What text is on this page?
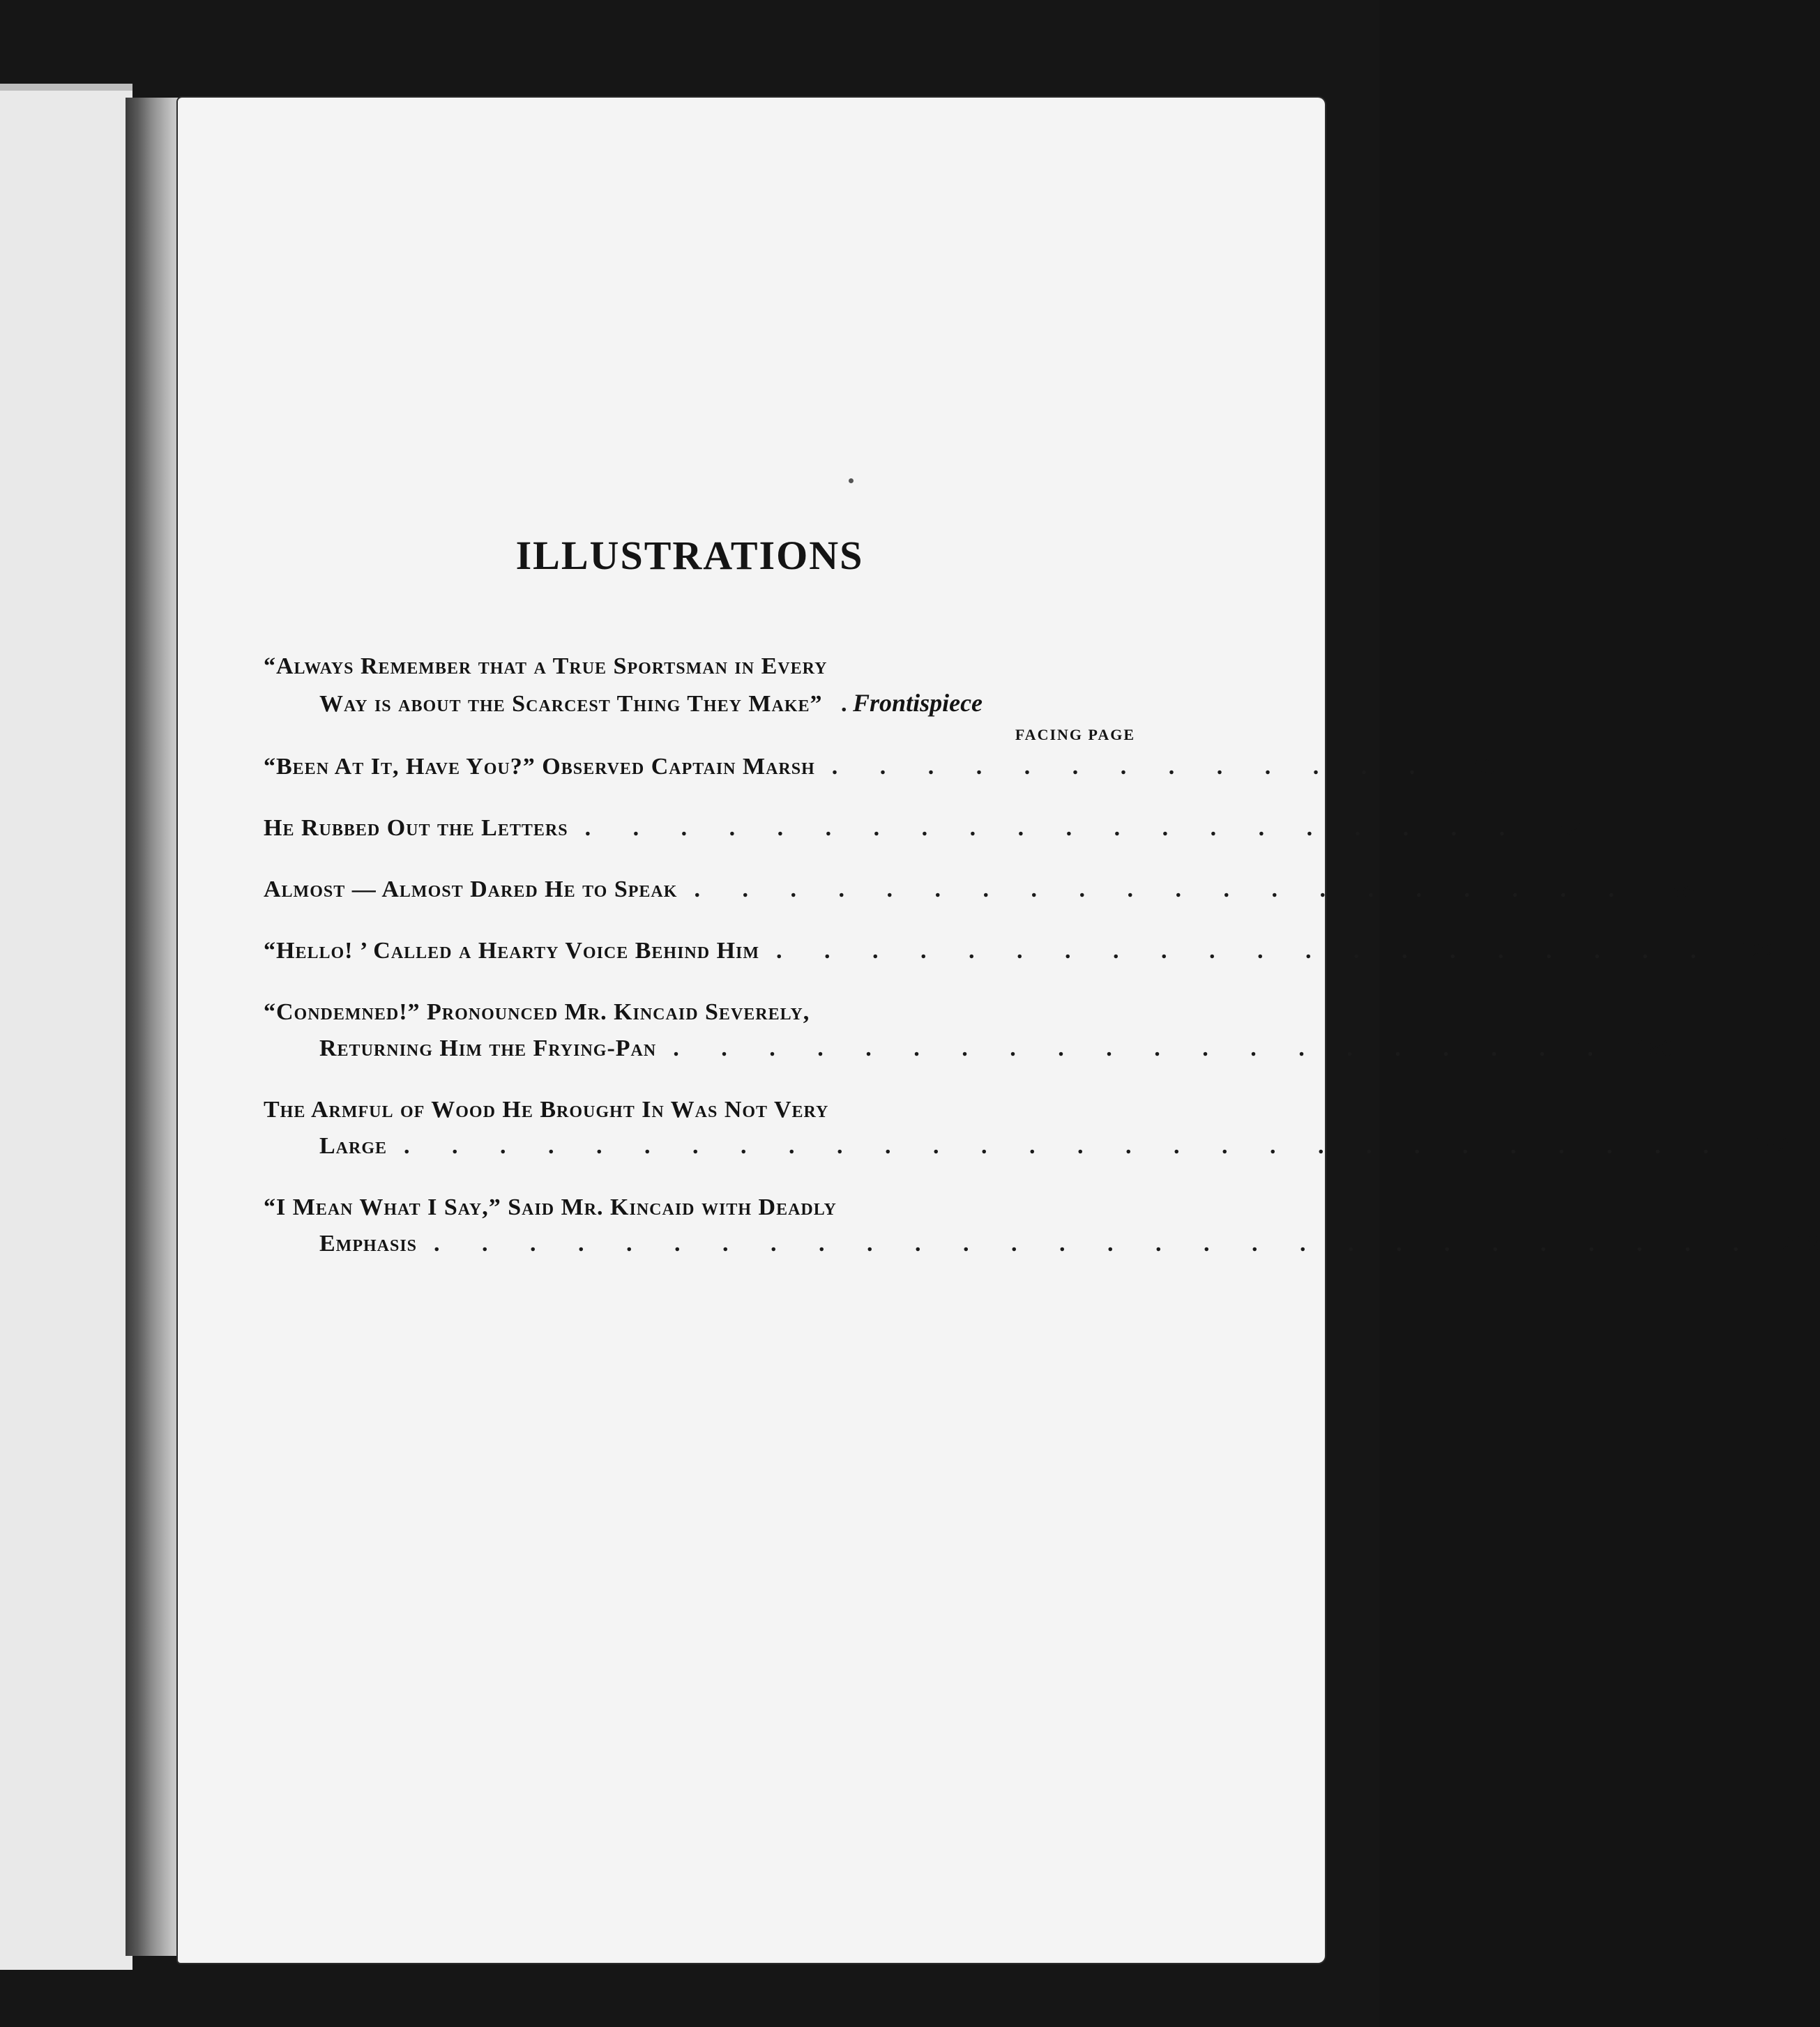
ILLUSTRATIONS
“Always Remember that a True Sportsman in Every
Way is about the Scarcest Thing They Make” . Frontispiece
FACING PAGE
“Been At It, Have You?” Observed Captain Marsh . . . . . . . . . . . . .	60
He Rubbed Out the Letters . . . . . . . . . . . . . . . . . . . .	94
Almost — Almost Dared He to Speak . . . . . . . . . . . . . . . . . . . .	98
“Hello! ’ Called a Hearty Voice Behind Him . . . . . . . . . . . . . . . . . . . .	122
“Condemned!” Pronounced Mr. Kincaid Severely,
Returning Him the Frying-Pan . . . . . . . . . . . . . . . . . . . .	180
The Armful of Wood He Brought In Was Not Very
Large . . . . . . . . . . . . . . . . . . . . . . . . . . . .	182
“I Mean What I Say,” Said Mr. Kincaid with Deadly
Emphasis . . . . . . . . . . . . . . . . . . . . . . . . . . . .	218
